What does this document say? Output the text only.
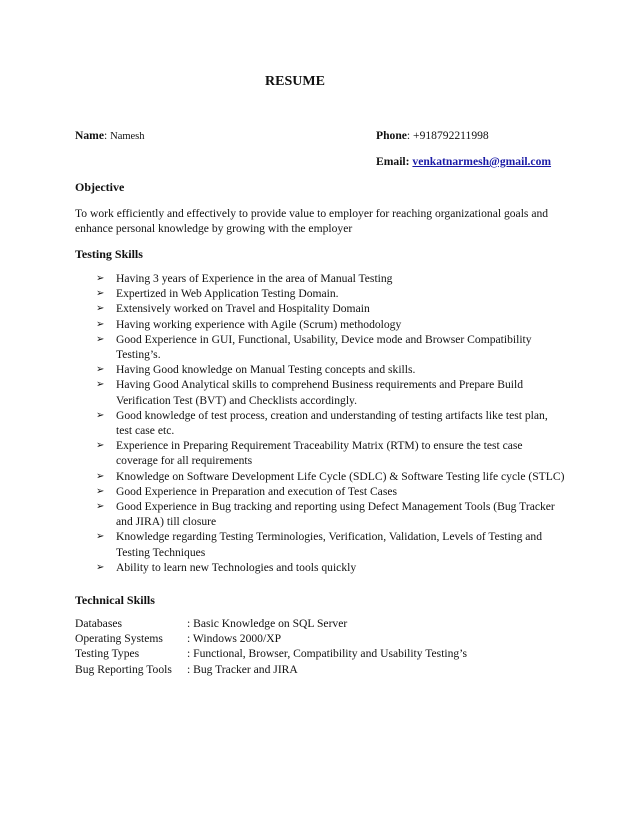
RESUME
Name: Namesh	Phone: +918792211998
Email: venkatnarmesh@gmail.com
Objective
To work efficiently and effectively to provide value to employer for reaching organizational goals and enhance personal knowledge by growing with the employer
Testing Skills
➢ Having 3 years of Experience in the area of Manual Testing
➢ Expertized in Web Application Testing Domain.
➢ Extensively worked on Travel and Hospitality Domain
➢ Having working experience with Agile (Scrum) methodology
➢ Good Experience in GUI, Functional, Usability, Device mode and Browser Compatibility Testing’s.
➢ Having Good knowledge on Manual Testing concepts and skills.
➢ Having Good Analytical skills to comprehend Business requirements and Prepare Build Verification Test (BVT) and Checklists accordingly.
➢ Good knowledge of test process, creation and understanding of testing artifacts like test plan, test case etc.
➢ Experience in Preparing Requirement Traceability Matrix (RTM) to ensure the test case coverage for all requirements
➢ Knowledge on Software Development Life Cycle (SDLC) & Software Testing life cycle (STLC)
➢ Good Experience in Preparation and execution of Test Cases
➢ Good Experience in Bug tracking and reporting using Defect Management Tools (Bug Tracker and JIRA) till closure
➢ Knowledge regarding Testing Terminologies, Verification, Validation, Levels of Testing and Testing Techniques
➢ Ability to learn new Technologies and tools quickly
Technical Skills
Databases	: Basic Knowledge on SQL Server
Operating Systems	: Windows 2000/XP
Testing Types	: Functional, Browser, Compatibility and Usability Testing’s
Bug Reporting Tools	: Bug Tracker and JIRA
